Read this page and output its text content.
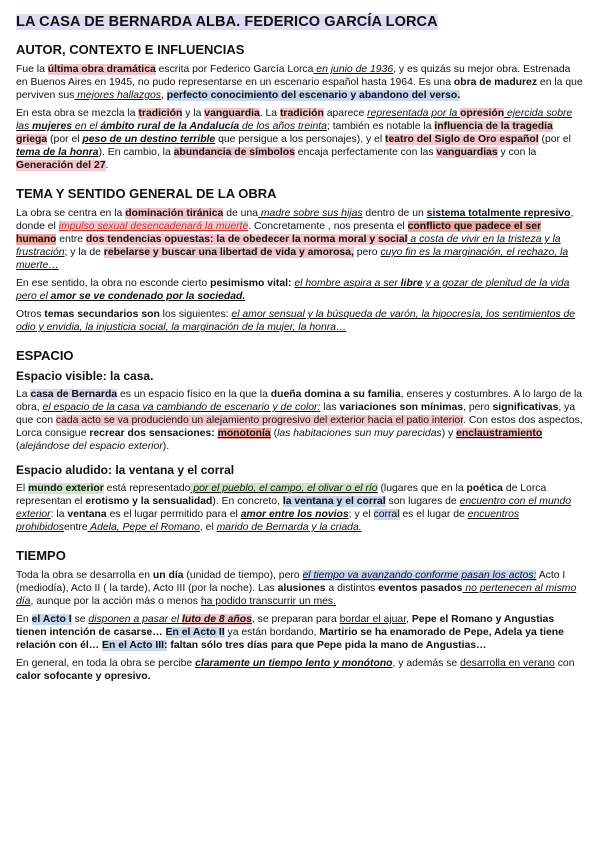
LA CASA DE BERNARDA ALBA. FEDERICO GARCÍA LORCA
AUTOR, CONTEXTO E INFLUENCIAS

Fue la última obra dramática escrita por Federico García Lorca en junio de 1936, y es quizás su mejor obra. Estrenada en Buenos Aires en 1945, no pudo representarse en un escenario español hasta 1964. Es una obra de madurez en la que perviven sus mejores hallazgos, perfecto conocimiento del escenario y abandono del verso.

En esta obra se mezcla la tradición y la vanguardia. La tradición aparece representada por la opresión ejercida sobre las mujeres en el ámbito rural de la Andalucía de los años treinta; también es notable la influencia de la tragedia griega (por el peso de un destino terrible que persigue a los personajes), y el teatro del Siglo de Oro español (por el tema de la honra). En cambio, la abundancia de símbolos encaja perfectamente con las vanguardias y con la Generación del 27.

TEMA Y SENTIDO GENERAL DE LA OBRA

La obra se centra en la dominación tiránica de una madre sobre sus hijas dentro de un sistema totalmente represivo, donde el impulso sexual desencadenará la muerte. Concretamente , nos presenta el conflicto que padece el ser humano entre dos tendencias opuestas: la de obedecer la norma moral y social a costa de vivir en la tristeza y la frustración; y la de rebelarse y buscar una libertad de vida y amorosa, pero cuyo fin es la marginación, el rechazo, la muerte…

En ese sentido, la obra no esconde cierto pesimismo vital: el hombre aspira a ser libre y a gozar de plenitud de la vida pero el amor se ve condenado por la sociedad.

Otros temas secundarios son los siguientes: el amor sensual y la búsqueda de varón, la hipocresía, los sentimientos de odio y envidia, la injusticia social, la marginación de la mujer, la honra…

ESPACIO
Espacio visible: la casa.

La casa de Bernarda es un espacio físico en la que la dueña domina a su familia, enseres y costumbres. A lo largo de la obra, el espacio de la casa va cambiando de escenario y de color: las variaciones son mínimas, pero significativas, ya que con cada acto se va produciendo un alejamiento progresivo del exterior hacia el patio interior. Con estos dos aspectos, Lorca consigue recrear dos sensaciones: monotonía (las habitaciones sun muy parecidas) y enclaustramiento (alejándose del espacio exterior).

Espacio aludido: la ventana y el corral

El mundo exterior está representado por el pueblo, el campo, el olivar o el río (lugares que en la poética de Lorca representan el erotismo y la sensualidad). En concreto, la ventana y el corral son lugares de encuentro con el mundo exterior: la ventana es el lugar permitido para el amor entre los novios; y el corral es el lugar de encuentros prohibidosentre Adela, Pepe el Romano, el marido de Bernarda y la criada.

TIEMPO

Toda la obra se desarrolla en un día (unidad de tiempo), pero el tiempo va avanzando conforme pasan los actos: Acto I (mediodía), Acto II ( la tarde), Acto III (por la noche). Las alusiones a distintos eventos pasados no pertenecen al mismo día, aunque por la acción más o menos ha podido transcurrir un mes.

En el Acto I se disponen a pasar el luto de 8 años, se preparan para bordar el ajuar, Pepe el Romano y Angustias tienen intención de casarse… En el Acto II ya están bordando, Martirio se ha enamorado de Pepe, Adela ya tiene relación con él… En el Acto III: faltan sólo tres días para que Pepe pida la mano de Angustias…

En general, en toda la obra se percibe claramente un tiempo lento y monótono, y además se desarrolla en verano con calor sofocante y opresivo.
